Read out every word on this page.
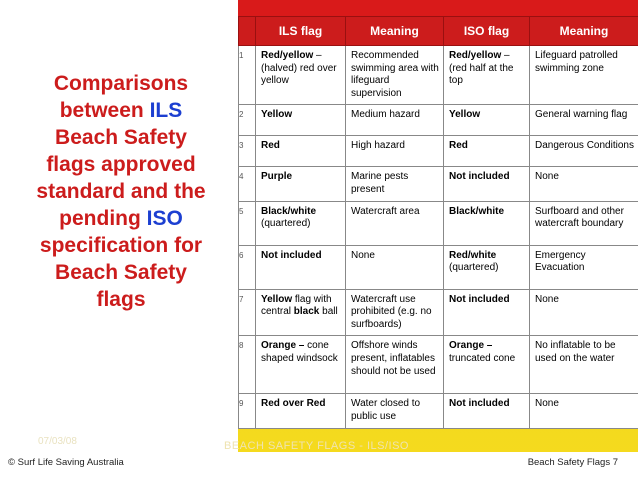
Comparisons between ILS Beach Safety flags approved standard and the pending ISO specification for Beach Safety flags
	ILS flag	Meaning	ISO flag	Meaning
1	Red/yellow – (halved) red over yellow	Recommended swimming area with lifeguard supervision	Red/yellow – (red half at the top	Lifeguard patrolled swimming zone
2	Yellow	Medium hazard	Yellow	General warning flag
3	Red	High hazard	Red	Dangerous Conditions
4	Purple	Marine pests present	Not included	None
5	Black/white (quartered)	Watercraft area	Black/white	Surfboard and other watercraft boundary
6	Not included	None	Red/white (quartered)	Emergency Evacuation
7	Yellow flag with central black ball	Watercraft use prohibited (e.g. no surfboards)	Not included	None
8	Orange – cone shaped windsock	Offshore winds present, inflatables should not be used	Orange – truncated cone	No inflatable to be used on the water
9	Red over Red	Water closed to public use	Not included	None
07/03/08	BEACH SAFETY FLAGS - ILS/ISO
© Surf Life Saving Australia	Beach Safety Flags 7
